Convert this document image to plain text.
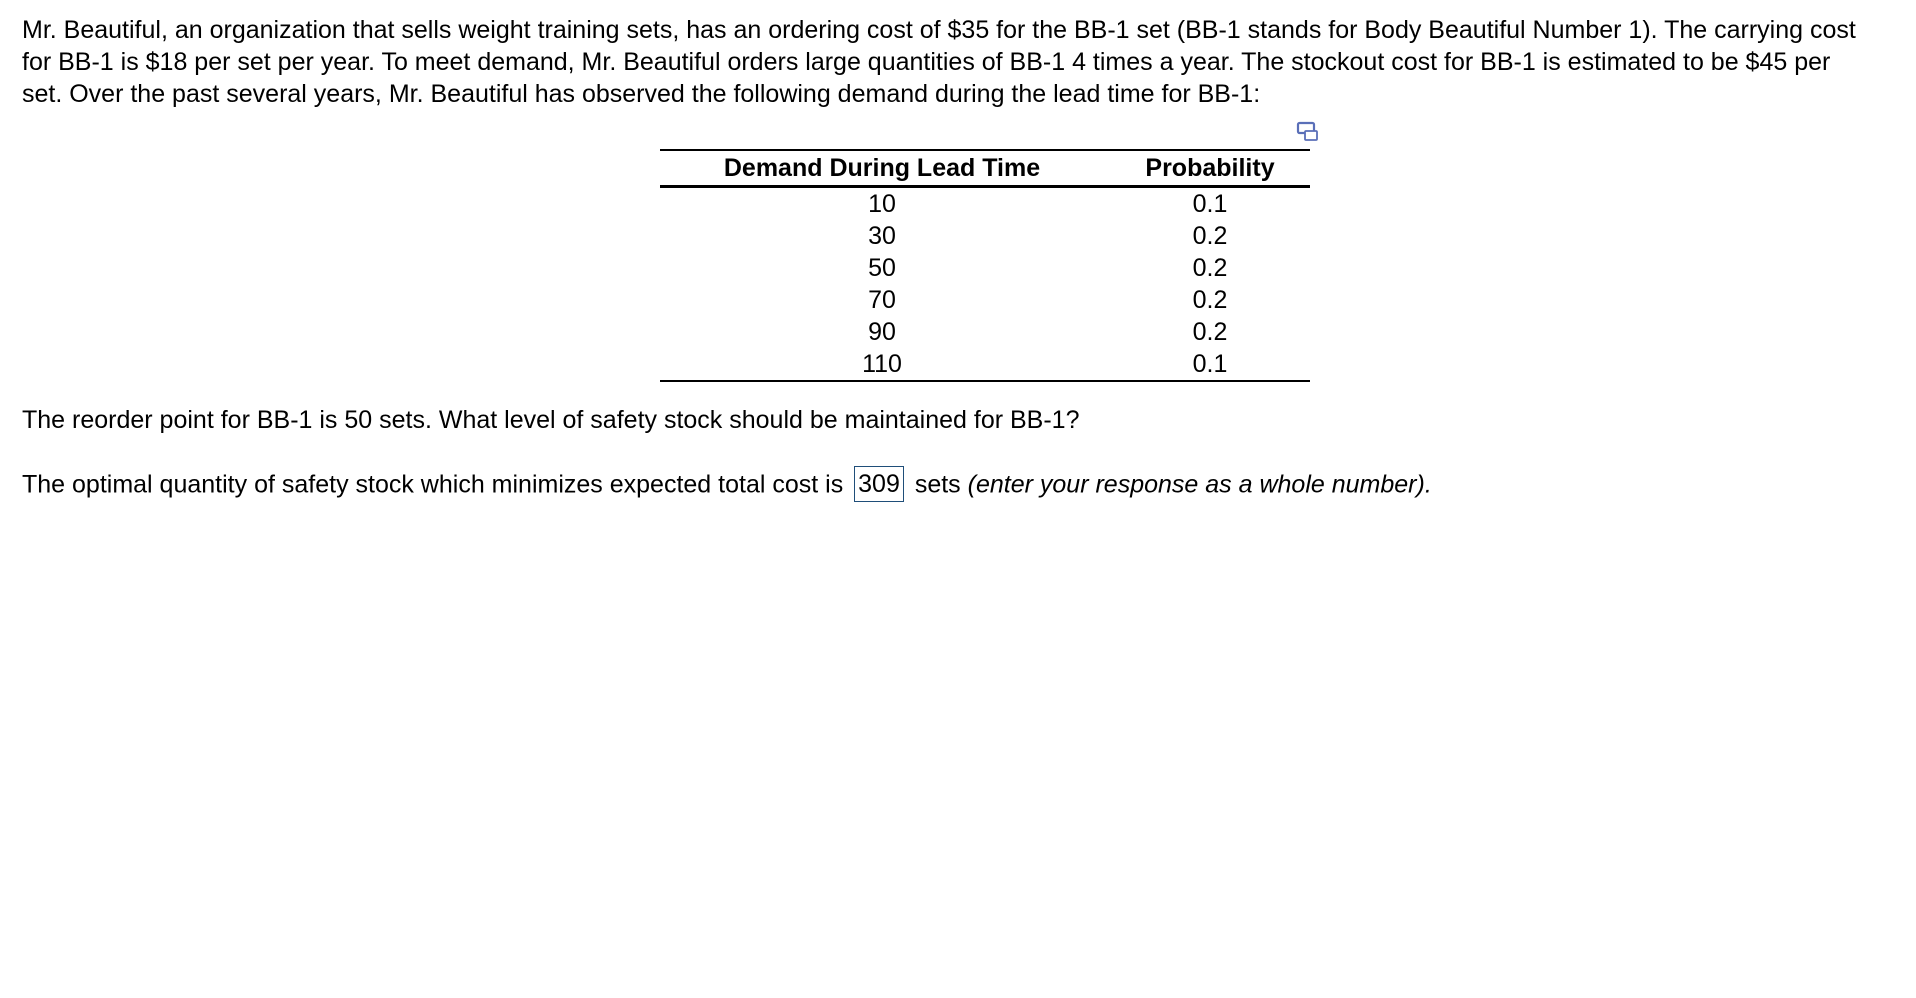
Mr. Beautiful, an organization that sells weight training sets, has an ordering cost of $35 for the BB-1 set (BB-1 stands for Body Beautiful Number 1). The carrying cost
for BB-1 is $18 per set per year. To meet demand, Mr. Beautiful orders large quantities of BB-1 4 times a year. The stockout cost for BB-1 is estimated to be $45 per
set. Over the past several years, Mr. Beautiful has observed the following demand during the lead time for BB-1:

Demand During Lead Time	Probability
10	0.1
30	0.2
50	0.2
70	0.2
90	0.2
110	0.1

The reorder point for BB-1 is 50 sets. What level of safety stock should be maintained for BB-1?

The optimal quantity of safety stock which minimizes expected total cost is 309 sets (enter your response as a whole number).
